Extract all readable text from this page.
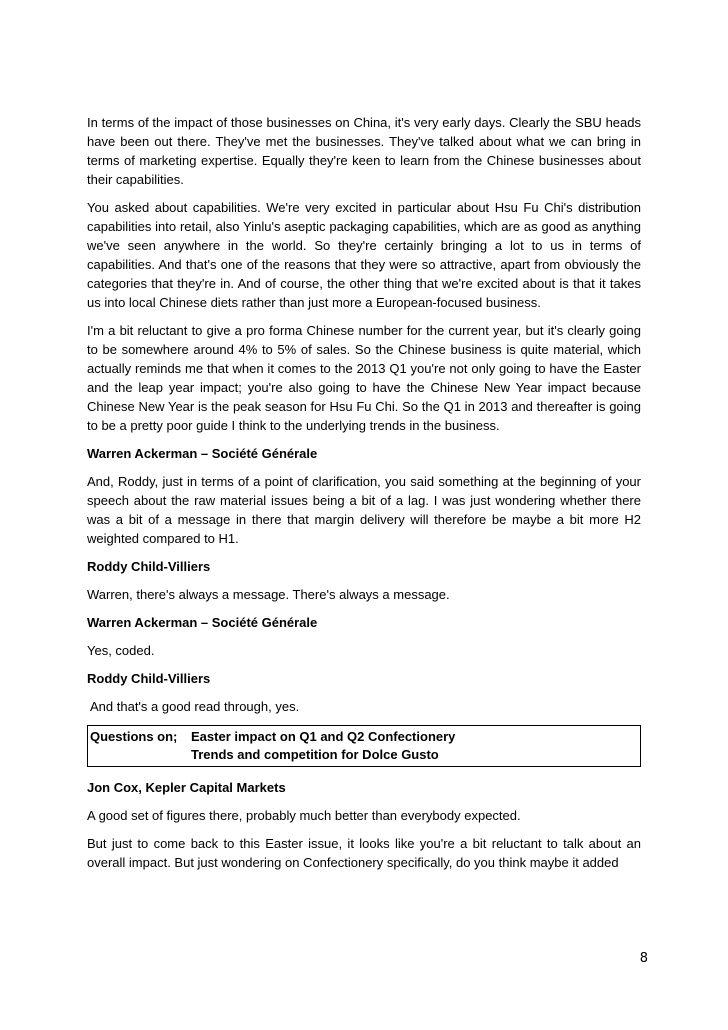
In terms of the impact of those businesses on China, it's very early days. Clearly the SBU heads have been out there. They've met the businesses. They've talked about what we can bring in terms of marketing expertise. Equally they're keen to learn from the Chinese businesses about their capabilities.

You asked about capabilities. We're very excited in particular about Hsu Fu Chi's distribution capabilities into retail, also Yinlu's aseptic packaging capabilities, which are as good as anything we've seen anywhere in the world. So they're certainly bringing a lot to us in terms of capabilities. And that's one of the reasons that they were so attractive, apart from obviously the categories that they're in. And of course, the other thing that we're excited about is that it takes us into local Chinese diets rather than just more a European-focused business.

I'm a bit reluctant to give a pro forma Chinese number for the current year, but it's clearly going to be somewhere around 4% to 5% of sales. So the Chinese business is quite material, which actually reminds me that when it comes to the 2013 Q1 you're not only going to have the Easter and the leap year impact; you're also going to have the Chinese New Year impact because Chinese New Year is the peak season for Hsu Fu Chi. So the Q1 in 2013 and thereafter is going to be a pretty poor guide I think to the underlying trends in the business.

Warren Ackerman – Société Générale

And, Roddy, just in terms of a point of clarification, you said something at the beginning of your speech about the raw material issues being a bit of a lag. I was just wondering whether there was a bit of a message in there that margin delivery will therefore be maybe a bit more H2 weighted compared to H1.

Roddy Child-Villiers

Warren, there's always a message. There's always a message.

Warren Ackerman – Société Générale

Yes, coded.

Roddy Child-Villiers

And that's a good read through, yes.

Questions on;	Easter impact on Q1 and Q2 Confectionery
Trends and competition for Dolce Gusto

Jon Cox, Kepler Capital Markets

A good set of figures there, probably much better than everybody expected.

But just to come back to this Easter issue, it looks like you're a bit reluctant to talk about an overall impact. But just wondering on Confectionery specifically, do you think maybe it added

8
